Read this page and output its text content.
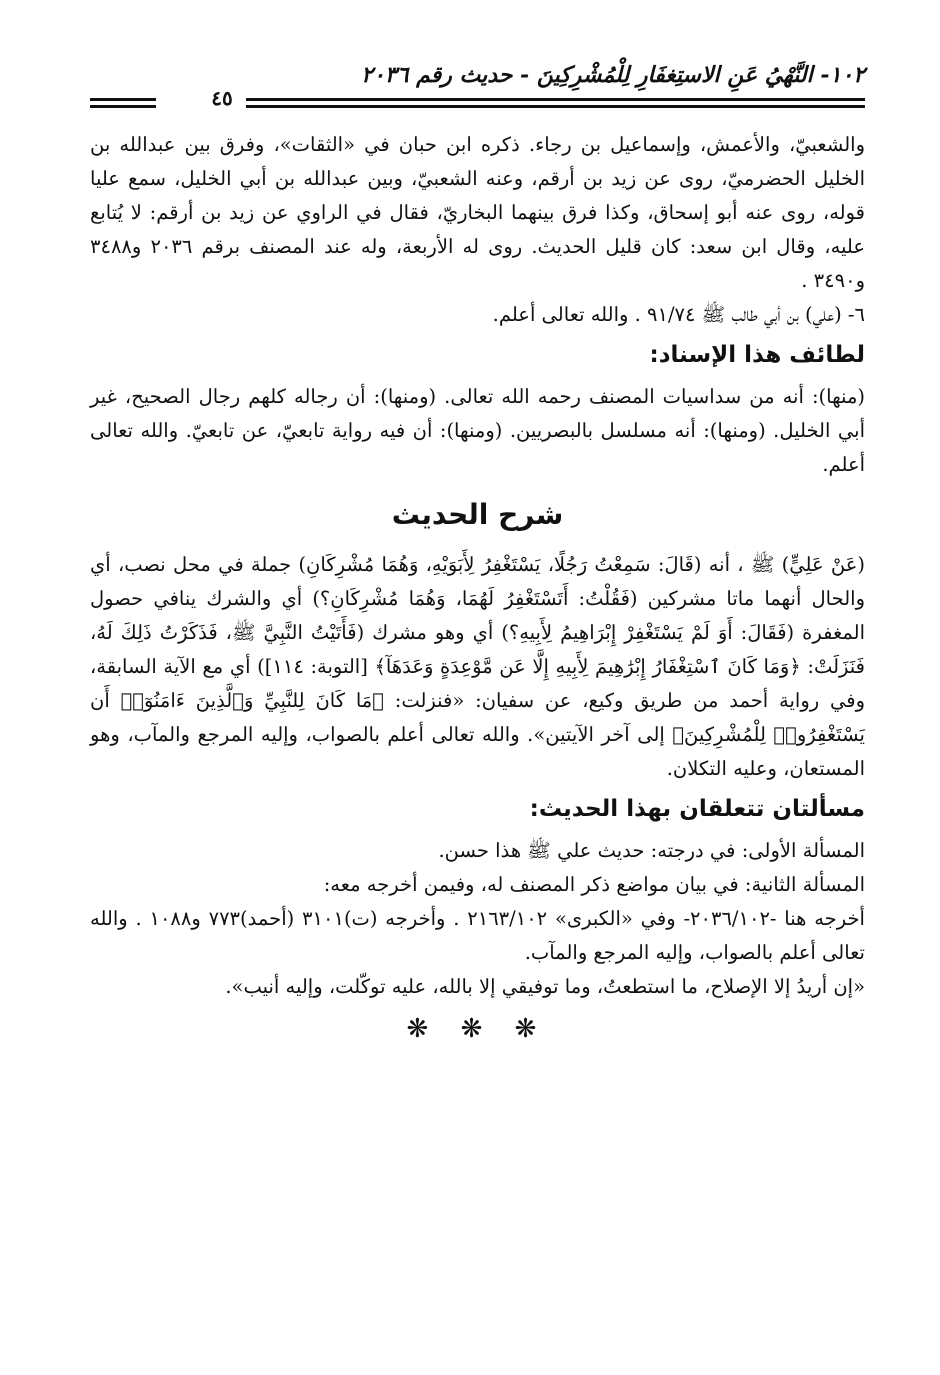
١٠٢- النَّهْيُ عَنِ الاستِغفَارِ لِلْمُشْرِكِينَ - حديث رقم ٢٠٣٦
٤٥

والشعبيّ، والأعمش، وإسماعيل بن رجاء. ذكره ابن حبان في «الثقات»، وفرق بين عبدالله بن الخليل الحضرميّ، روى عن زيد بن أرقم، وعنه الشعبيّ، وبين عبدالله بن أبي الخليل، سمع عليا قوله، روى عنه أبو إسحاق، وكذا فرق بينهما البخاريّ، فقال في الراوي عن زيد بن أرقم: لا يُتابع عليه، وقال ابن سعد: كان قليل الحديث. روى له الأربعة، وله عند المصنف برقم ٢٠٣٦ و٣٤٨٨ و٣٤٩٠ .

٦- (علي) بن أبي طالب ﷺ ٩١/٧٤ . والله تعالى أعلم.

لطائف هذا الإسناد:

(منها): أنه من سداسيات المصنف رحمه الله تعالى. (ومنها): أن رجاله كلهم رجال الصحيح، غير أبي الخليل. (ومنها): أنه مسلسل بالبصريين. (ومنها): أن فيه رواية تابعيّ، عن تابعيّ. والله تعالى أعلم.

شرح الحديث

(عَنْ عَلِيٍّ) ﷺ ، أنه (قَالَ: سَمِعْتُ رَجُلًا، يَسْتَغْفِرُ لِأَبَوَيْهِ، وَهُمَا مُشْرِكَانِ) جملة في محل نصب، أي والحال أنهما ماتا مشركين (فَقُلْتُ: أَتَسْتَغْفِرُ لَهُمَا، وَهُمَا مُشْرِكَانِ؟) أي والشرك ينافي حصول المغفرة (فَقَالَ: أَوَ لَمْ يَسْتَغْفِرْ إِبْرَاهِيمُ لِأَبِيهِ؟) أي وهو مشرك (فَأَتَيْتُ النَّبِيَّ ﷺ، فَذَكَرْتُ ذَلِكَ لَهُ، فَنَزَلَتْ: ﴿وَمَا كَانَ ٱسْتِغْفَارُ إِبْرَٰهِيمَ لِأَبِيهِ إِلَّا عَن مَّوْعِدَةٍ وَعَدَهَآ﴾ [التوبة: ١١٤]) أي مع الآية السابقة، وفي رواية أحمد من طريق وكيع، عن سفيان: «فنزلت: ﴿مَا كَانَ لِلنَّبِيِّ وَٱلَّذِينَ ءَامَنُوٓا۟ أَن يَسْتَغْفِرُوا۟ لِلْمُشْرِكِينَ﴾ إلى آخر الآيتين». والله تعالى أعلم بالصواب، وإليه المرجع والمآب، وهو المستعان، وعليه التكلان.

مسألتان تتعلقان بهذا الحديث:

المسألة الأولى: في درجته: حديث علي ﷺ هذا حسن.

المسألة الثانية: في بيان مواضع ذكر المصنف له، وفيمن أخرجه معه:

أخرجه هنا -٢٠٣٦/١٠٢- وفي «الكبرى» ٢١٦٣/١٠٢ . وأخرجه (ت)٣١٠١ (أحمد)٧٧٣ و١٠٨٨ . والله تعالى أعلم بالصواب، وإليه المرجع والمآب.

«إن أريدُ إلا الإصلاح، ما استطعتُ، وما توفيقي إلا بالله، عليه توكّلت، وإليه أنيب».

❋ ❋ ❋
